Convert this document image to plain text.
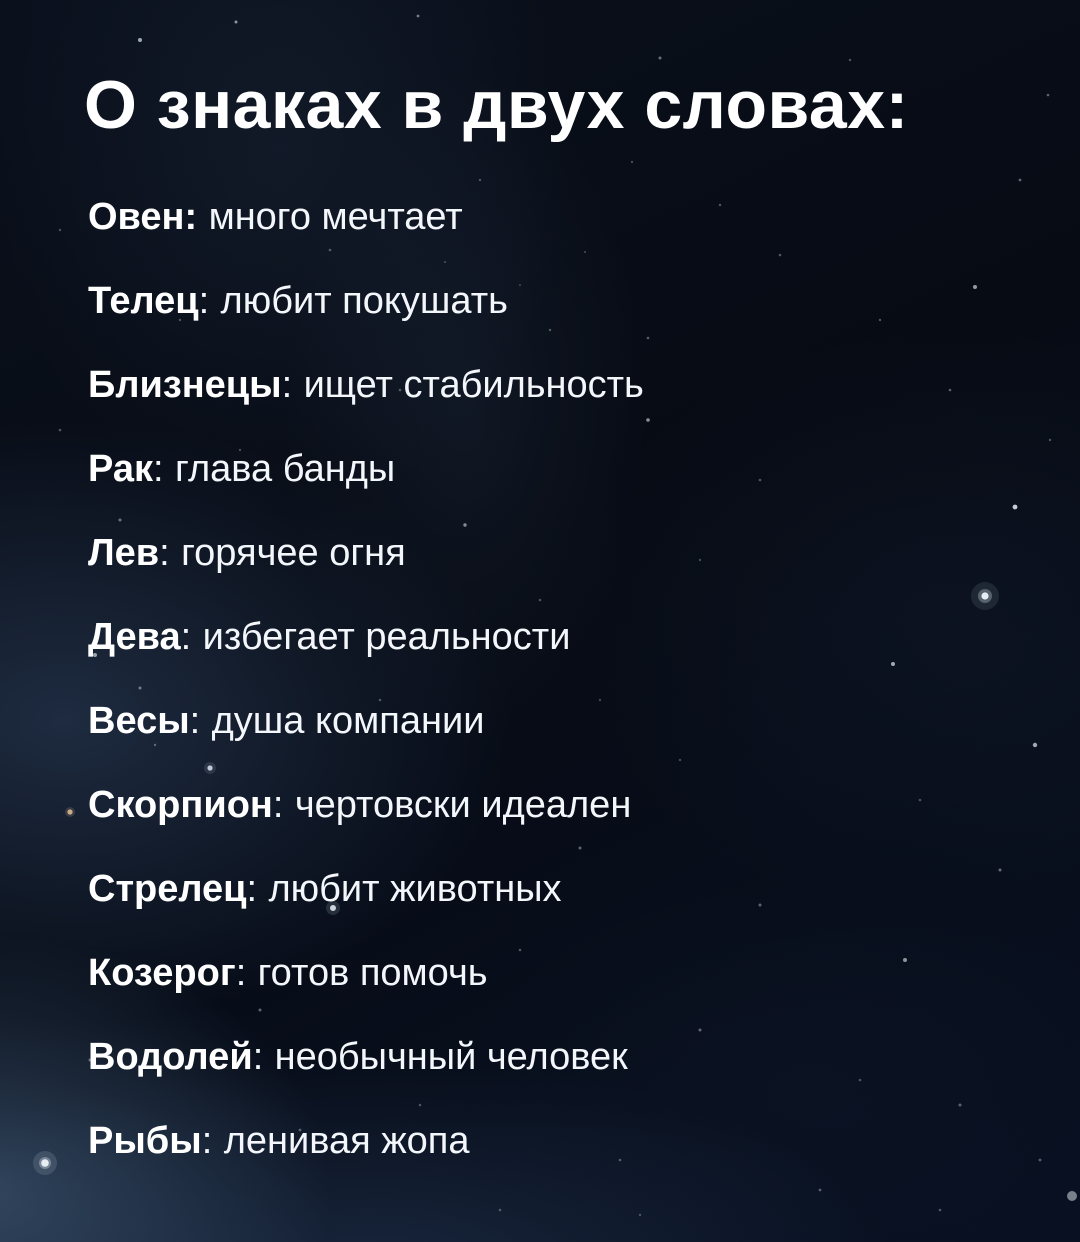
О знаках в двух словах:
Овен: много мечтает
Телец: любит покушать
Близнецы: ищет стабильность
Рак: глава банды
Лев: горячее огня
Дева: избегает реальности
Весы: душа компании
Скорпион: чертовски идеален
Стрелец: любит животных
Козерог: готов помочь
Водолей: необычный человек
Рыбы: ленивая жопа
